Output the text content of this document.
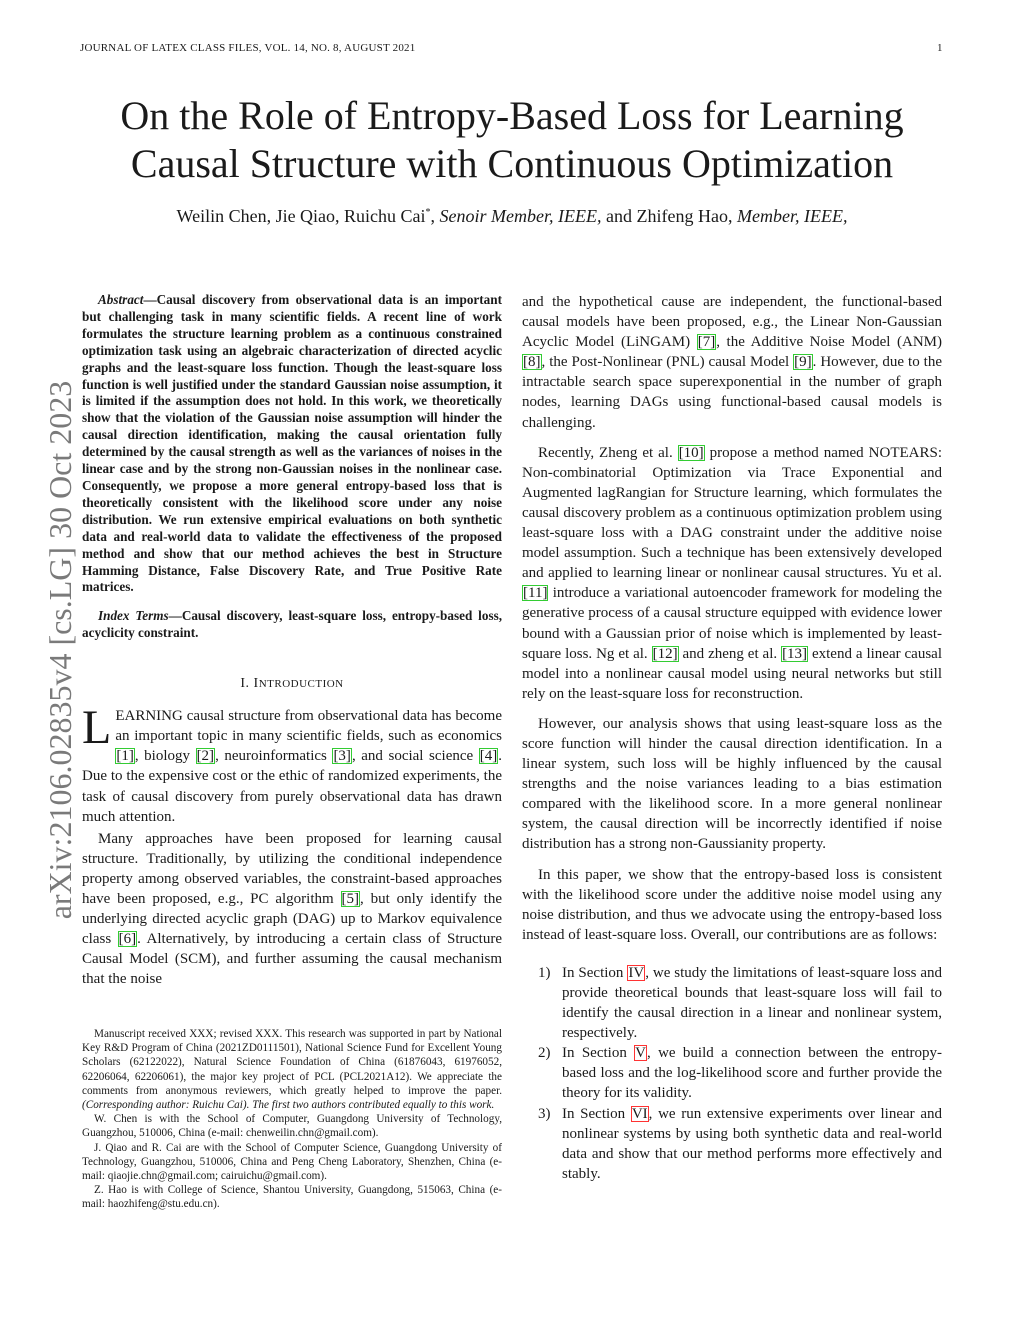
JOURNAL OF LATEX CLASS FILES, VOL. 14, NO. 8, AUGUST 2021	1
arXiv:2106.02835v4 [cs.LG] 30 Oct 2023
On the Role of Entropy-Based Loss for Learning Causal Structure with Continuous Optimization
Weilin Chen, Jie Qiao, Ruichu Cai*, Senoir Member, IEEE, and Zhifeng Hao, Member, IEEE,

Abstract—Causal discovery from observational data is an important but challenging task in many scientific fields. A recent line of work formulates the structure learning problem as a continuous constrained optimization task using an algebraic characterization of directed acyclic graphs and the least-square loss function. Though the least-square loss function is well justified under the standard Gaussian noise assumption, it is limited if the assumption does not hold. In this work, we theoretically show that the violation of the Gaussian noise assumption will hinder the causal direction identification, making the causal orientation fully determined by the causal strength as well as the variances of noises in the linear case and by the strong non-Gaussian noises in the nonlinear case. Consequently, we propose a more general entropy-based loss that is theoretically consistent with the likelihood score under any noise distribution. We run extensive empirical evaluations on both synthetic data and real-world data to validate the effectiveness of the proposed method and show that our method achieves the best in Structure Hamming Distance, False Discovery Rate, and True Positive Rate matrices.

Index Terms—Causal discovery, least-square loss, entropy-based loss, acyclicity constraint.

I. INTRODUCTION

LEARNING causal structure from observational data has become an important topic in many scientific fields, such as economics [1], biology [2], neuroinformatics [3], and social science [4]. Due to the expensive cost or the ethic of randomized experiments, the task of causal discovery from purely observational data has drawn much attention.

Many approaches have been proposed for learning causal structure. Traditionally, by utilizing the conditional independence property among observed variables, the constraint-based approaches have been proposed, e.g., PC algorithm [5], but only identify the underlying directed acyclic graph (DAG) up to Markov equivalence class [6]. Alternatively, by introducing a certain class of Structure Causal Model (SCM), and further assuming the causal mechanism that the noise

Manuscript received XXX; revised XXX. This research was supported in part by National Key R&D Program of China (2021ZD0111501), National Science Fund for Excellent Young Scholars (62122022), Natural Science Foundation of China (61876043, 61976052, 62206064, 62206061), the major key project of PCL (PCL2021A12). We appreciate the comments from anonymous reviewers, which greatly helped to improve the paper. (Corresponding author: Ruichu Cai). The first two authors contributed equally to this work.

W. Chen is with the School of Computer, Guangdong University of Technology, Guangzhou, 510006, China (e-mail: chenweilin.chn@gmail.com).

J. Qiao and R. Cai are with the School of Computer Science, Guangdong University of Technology, Guangzhou, 510006, China and Peng Cheng Laboratory, Shenzhen, China (e-mail: qiaojie.chn@gmail.com; cairuichu@gmail.com).

Z. Hao is with College of Science, Shantou University, Guangdong, 515063, China (e-mail: haozhifeng@stu.edu.cn).

and the hypothetical cause are independent, the functional-based causal models have been proposed, e.g., the Linear Non-Gaussian Acyclic Model (LiNGAM) [7], the Additive Noise Model (ANM) [8], the Post-Nonlinear (PNL) causal Model [9]. However, due to the intractable search space superexponential in the number of graph nodes, learning DAGs using functional-based causal models is challenging.

Recently, Zheng et al. [10] propose a method named NOTEARS: Non-combinatorial Optimization via Trace Exponential and Augmented lagRangian for Structure learning, which formulates the causal discovery problem as a continuous optimization problem using least-square loss with a DAG constraint under the additive noise model assumption. Such a technique has been extensively developed and applied to learning linear or nonlinear causal structures. Yu et al. [11] introduce a variational autoencoder framework for modeling the generative process of a causal structure equipped with evidence lower bound with a Gaussian prior of noise which is implemented by least-square loss. Ng et al. [12] and zheng et al. [13] extend a linear causal model into a nonlinear causal model using neural networks but still rely on the least-square loss for reconstruction.

However, our analysis shows that using least-square loss as the score function will hinder the causal direction identification. In a linear system, such loss will be highly influenced by the causal strengths and the noise variances leading to a bias estimation compared with the likelihood score. In a more general nonlinear system, the causal direction will be incorrectly identified if noise distribution has a strong non-Gaussianity property.

In this paper, we show that the entropy-based loss is consistent with the likelihood score under the additive noise model using any noise distribution, and thus we advocate using the entropy-based loss instead of least-square loss. Overall, our contributions are as follows:

1) In Section IV, we study the limitations of least-square loss and provide theoretical bounds that least-square loss will fail to identify the causal direction in a linear and nonlinear system, respectively.
2) In Section V, we build a connection between the entropy-based loss and the log-likelihood score and further provide the theory for its validity.
3) In Section VI, we run extensive experiments over linear and nonlinear systems by using both synthetic data and real-world data and show that our method performs more effectively and stably.
